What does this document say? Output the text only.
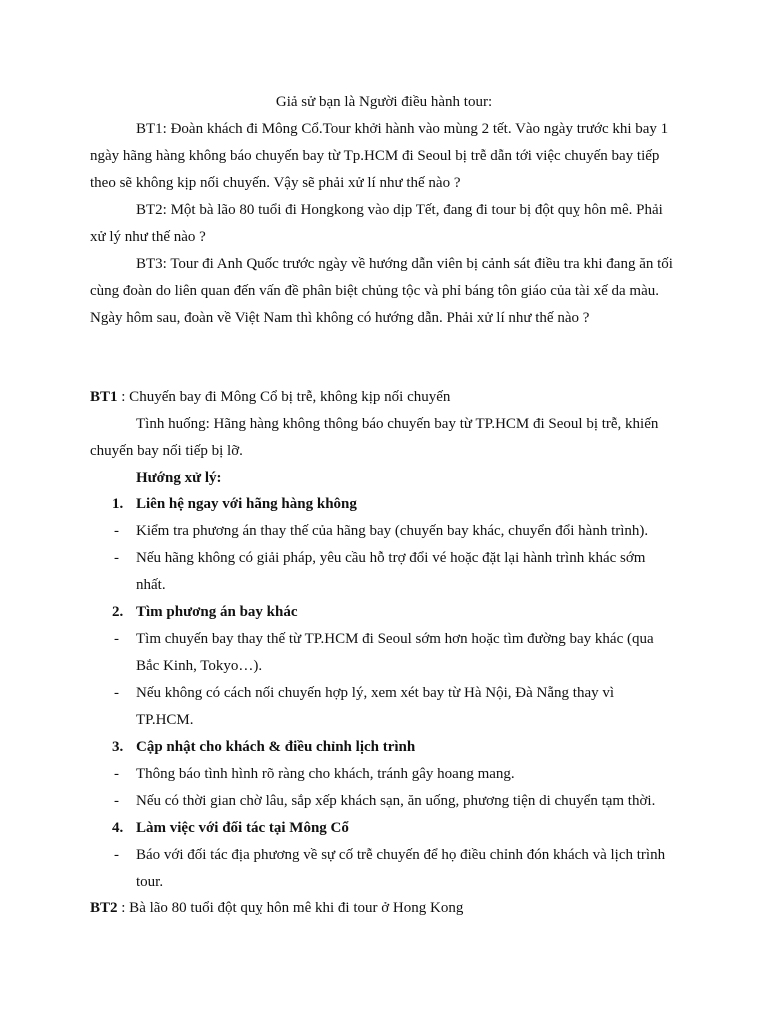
Giả sử bạn là Người điều hành tour:
BT1: Đoàn khách đi Mông Cổ.Tour khởi hành vào mùng 2 tết. Vào ngày trước khi bay 1
ngày hãng hàng không báo chuyến bay từ Tp.HCM đi Seoul bị trễ dẫn tới việc chuyến bay tiếp
theo sẽ không kịp nối chuyến. Vậy sẽ phải xử lí như thế nào ?
BT2: Một bà lão 80 tuổi đi Hongkong vào dịp Tết, đang đi tour bị đột quỵ hôn mê. Phải
xử lý như thế nào ?
BT3: Tour đi Anh Quốc trước ngày về hướng dẫn viên bị cảnh sát điều tra khi đang ăn tối
cùng đoàn do liên quan đến vấn đề phân biệt chủng tộc và phỉ báng tôn giáo của tài xế da màu.
Ngày hôm sau, đoàn về Việt Nam thì không có hướng dẫn. Phải xử lí như thế nào ?
BT1 : Chuyến bay đi Mông Cổ bị trễ, không kịp nối chuyến
Tình huống: Hãng hàng không thông báo chuyến bay từ TP.HCM đi Seoul bị trễ, khiến
chuyến bay nối tiếp bị lỡ.
Hướng xử lý:
1. Liên hệ ngay với hãng hàng không
- Kiểm tra phương án thay thế của hãng bay (chuyến bay khác, chuyển đổi hành trình).
- Nếu hãng không có giải pháp, yêu cầu hỗ trợ đổi vé hoặc đặt lại hành trình khác sớm
nhất.
2. Tìm phương án bay khác
- Tìm chuyến bay thay thế từ TP.HCM đi Seoul sớm hơn hoặc tìm đường bay khác (qua
Bắc Kinh, Tokyo…).
- Nếu không có cách nối chuyến hợp lý, xem xét bay từ Hà Nội, Đà Nẵng thay vì
TP.HCM.
3. Cập nhật cho khách & điều chỉnh lịch trình
- Thông báo tình hình rõ ràng cho khách, tránh gây hoang mang.
- Nếu có thời gian chờ lâu, sắp xếp khách sạn, ăn uống, phương tiện di chuyển tạm thời.
4. Làm việc với đối tác tại Mông Cổ
- Báo với đối tác địa phương về sự cố trễ chuyến để họ điều chỉnh đón khách và lịch trình
tour.
BT2 : Bà lão 80 tuổi đột quỵ hôn mê khi đi tour ở Hong Kong
